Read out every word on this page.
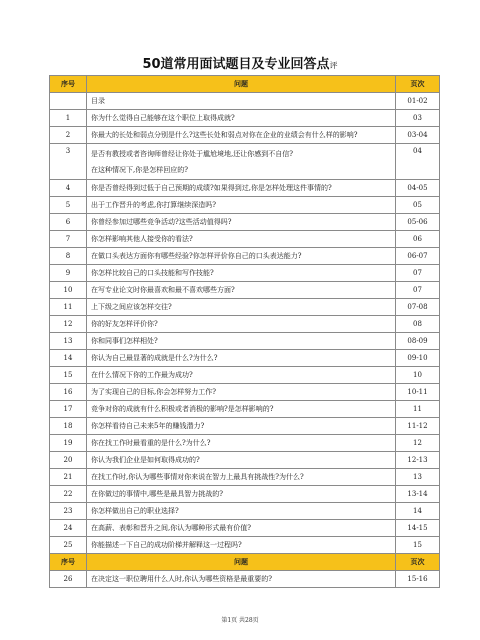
50道常用面试题目及专业回答点评
序号	问题	页次
	目录	01-02
1	你为什么觉得自己能够在这个职位上取得成就?	03
2	你最大的长处和弱点分别是什么?这些长处和弱点对你在企业的业绩会有什么样的影响?	03-04
3	是否有教授或者咨询师曾经让你处于尴尬境地,还让你感到不自信?
在这种情况下,你是怎样回应的?	04
4	你是否曾经得到过低于自己预期的成绩?如果得到过,你是怎样处理这件事情的?	04-05
5	出于工作晋升的考虑,你打算继续深造吗?	05
6	你曾经参加过哪些竞争活动?这些活动值得吗?	05-06
7	你怎样影响其他人接受你的看法?	06
8	在做口头表达方面你有哪些经验?你怎样评价你自己的口头表达能力?	06-07
9	你怎样比较自己的口头技能和写作技能?	07
10	在写专业论文时你最喜欢和最不喜欢哪些方面?	07
11	上下级之间应该怎样交往?	07-08
12	你的好友怎样评价你?	08
13	你和同事们怎样相处?	08-09
14	你认为自己最显著的成就是什么?为什么?	09-10
15	在什么情况下你的工作最为成功?	10
16	为了实现自己的目标,你会怎样努力工作?	10-11
17	竞争对你的成就有什么积极或者消极的影响?是怎样影响的?	11
18	你怎样看待自己未来5年的赚钱潜力?	11-12
19	你在找工作时最看重的是什么?为什么?	12
20	你认为我们企业是如何取得成功的?	12-13
21	在找工作时,你认为哪些事情对你来说在智力上最具有挑战性?为什么?	13
22	在你做过的事情中,哪些是最具智力挑战的?	13-14
23	你怎样做出自己的职业选择?	14
24	在高薪、表彰和晋升之间,你认为哪种形式最有价值?	14-15
25	你能描述一下自己的成功阶梯并解释这一过程吗?	15
序号	问题	页次
26	在决定这一职位聘用什么人时,你认为哪些资格是最重要的?	15-16
第1页 共28页
